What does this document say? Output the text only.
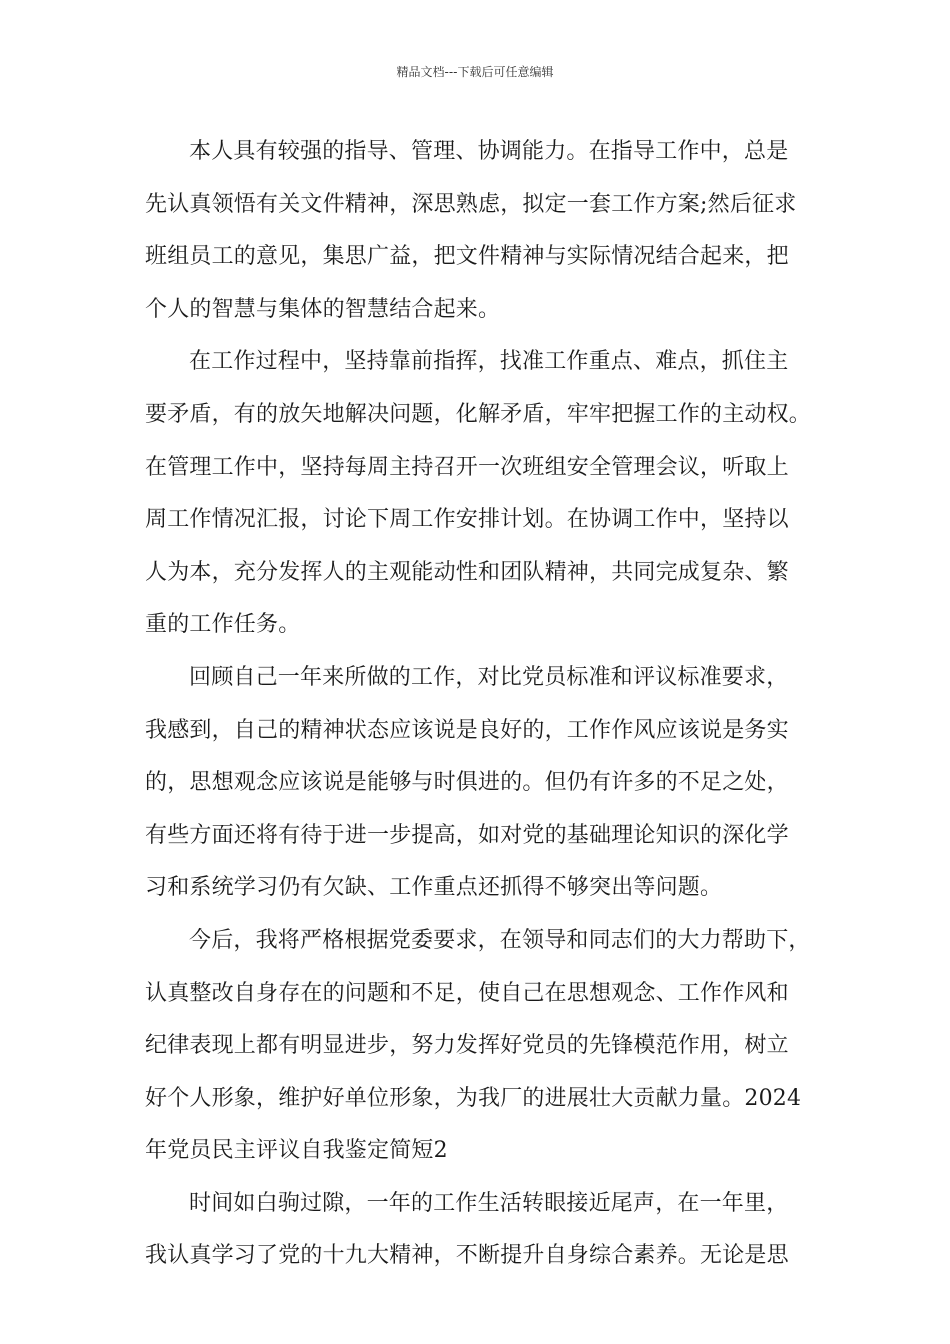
精品文档---下载后可任意编辑
本人具有较强的指导、管理、协调能力。在指导工作中，总是
先认真领悟有关文件精神，深思熟虑，拟定一套工作方案;然后征求
班组员工的意见，集思广益，把文件精神与实际情况结合起来，把
个人的智慧与集体的智慧结合起来。
在工作过程中，坚持靠前指挥，找准工作重点、难点，抓住主
要矛盾，有的放矢地解决问题，化解矛盾，牢牢把握工作的主动权。
在管理工作中，坚持每周主持召开一次班组安全管理会议，听取上
周工作情况汇报，讨论下周工作安排计划。在协调工作中，坚持以
人为本，充分发挥人的主观能动性和团队精神，共同完成复杂、繁
重的工作任务。
回顾自己一年来所做的工作，对比党员标准和评议标准要求，
我感到，自己的精神状态应该说是良好的，工作作风应该说是务实
的，思想观念应该说是能够与时俱进的。但仍有许多的不足之处，
有些方面还将有待于进一步提高，如对党的基础理论知识的深化学
习和系统学习仍有欠缺、工作重点还抓得不够突出等问题。
今后，我将严格根据党委要求，在领导和同志们的大力帮助下，
认真整改自身存在的问题和不足，使自己在思想观念、工作作风和
纪律表现上都有明显进步，努力发挥好党员的先锋模范作用，树立
好个人形象，维护好单位形象，为我厂的进展壮大贡献力量。2024
年党员民主评议自我鉴定简短2
时间如白驹过隙，一年的工作生活转眼接近尾声，在一年里，
我认真学习了党的十九大精神，不断提升自身综合素养。无论是思
